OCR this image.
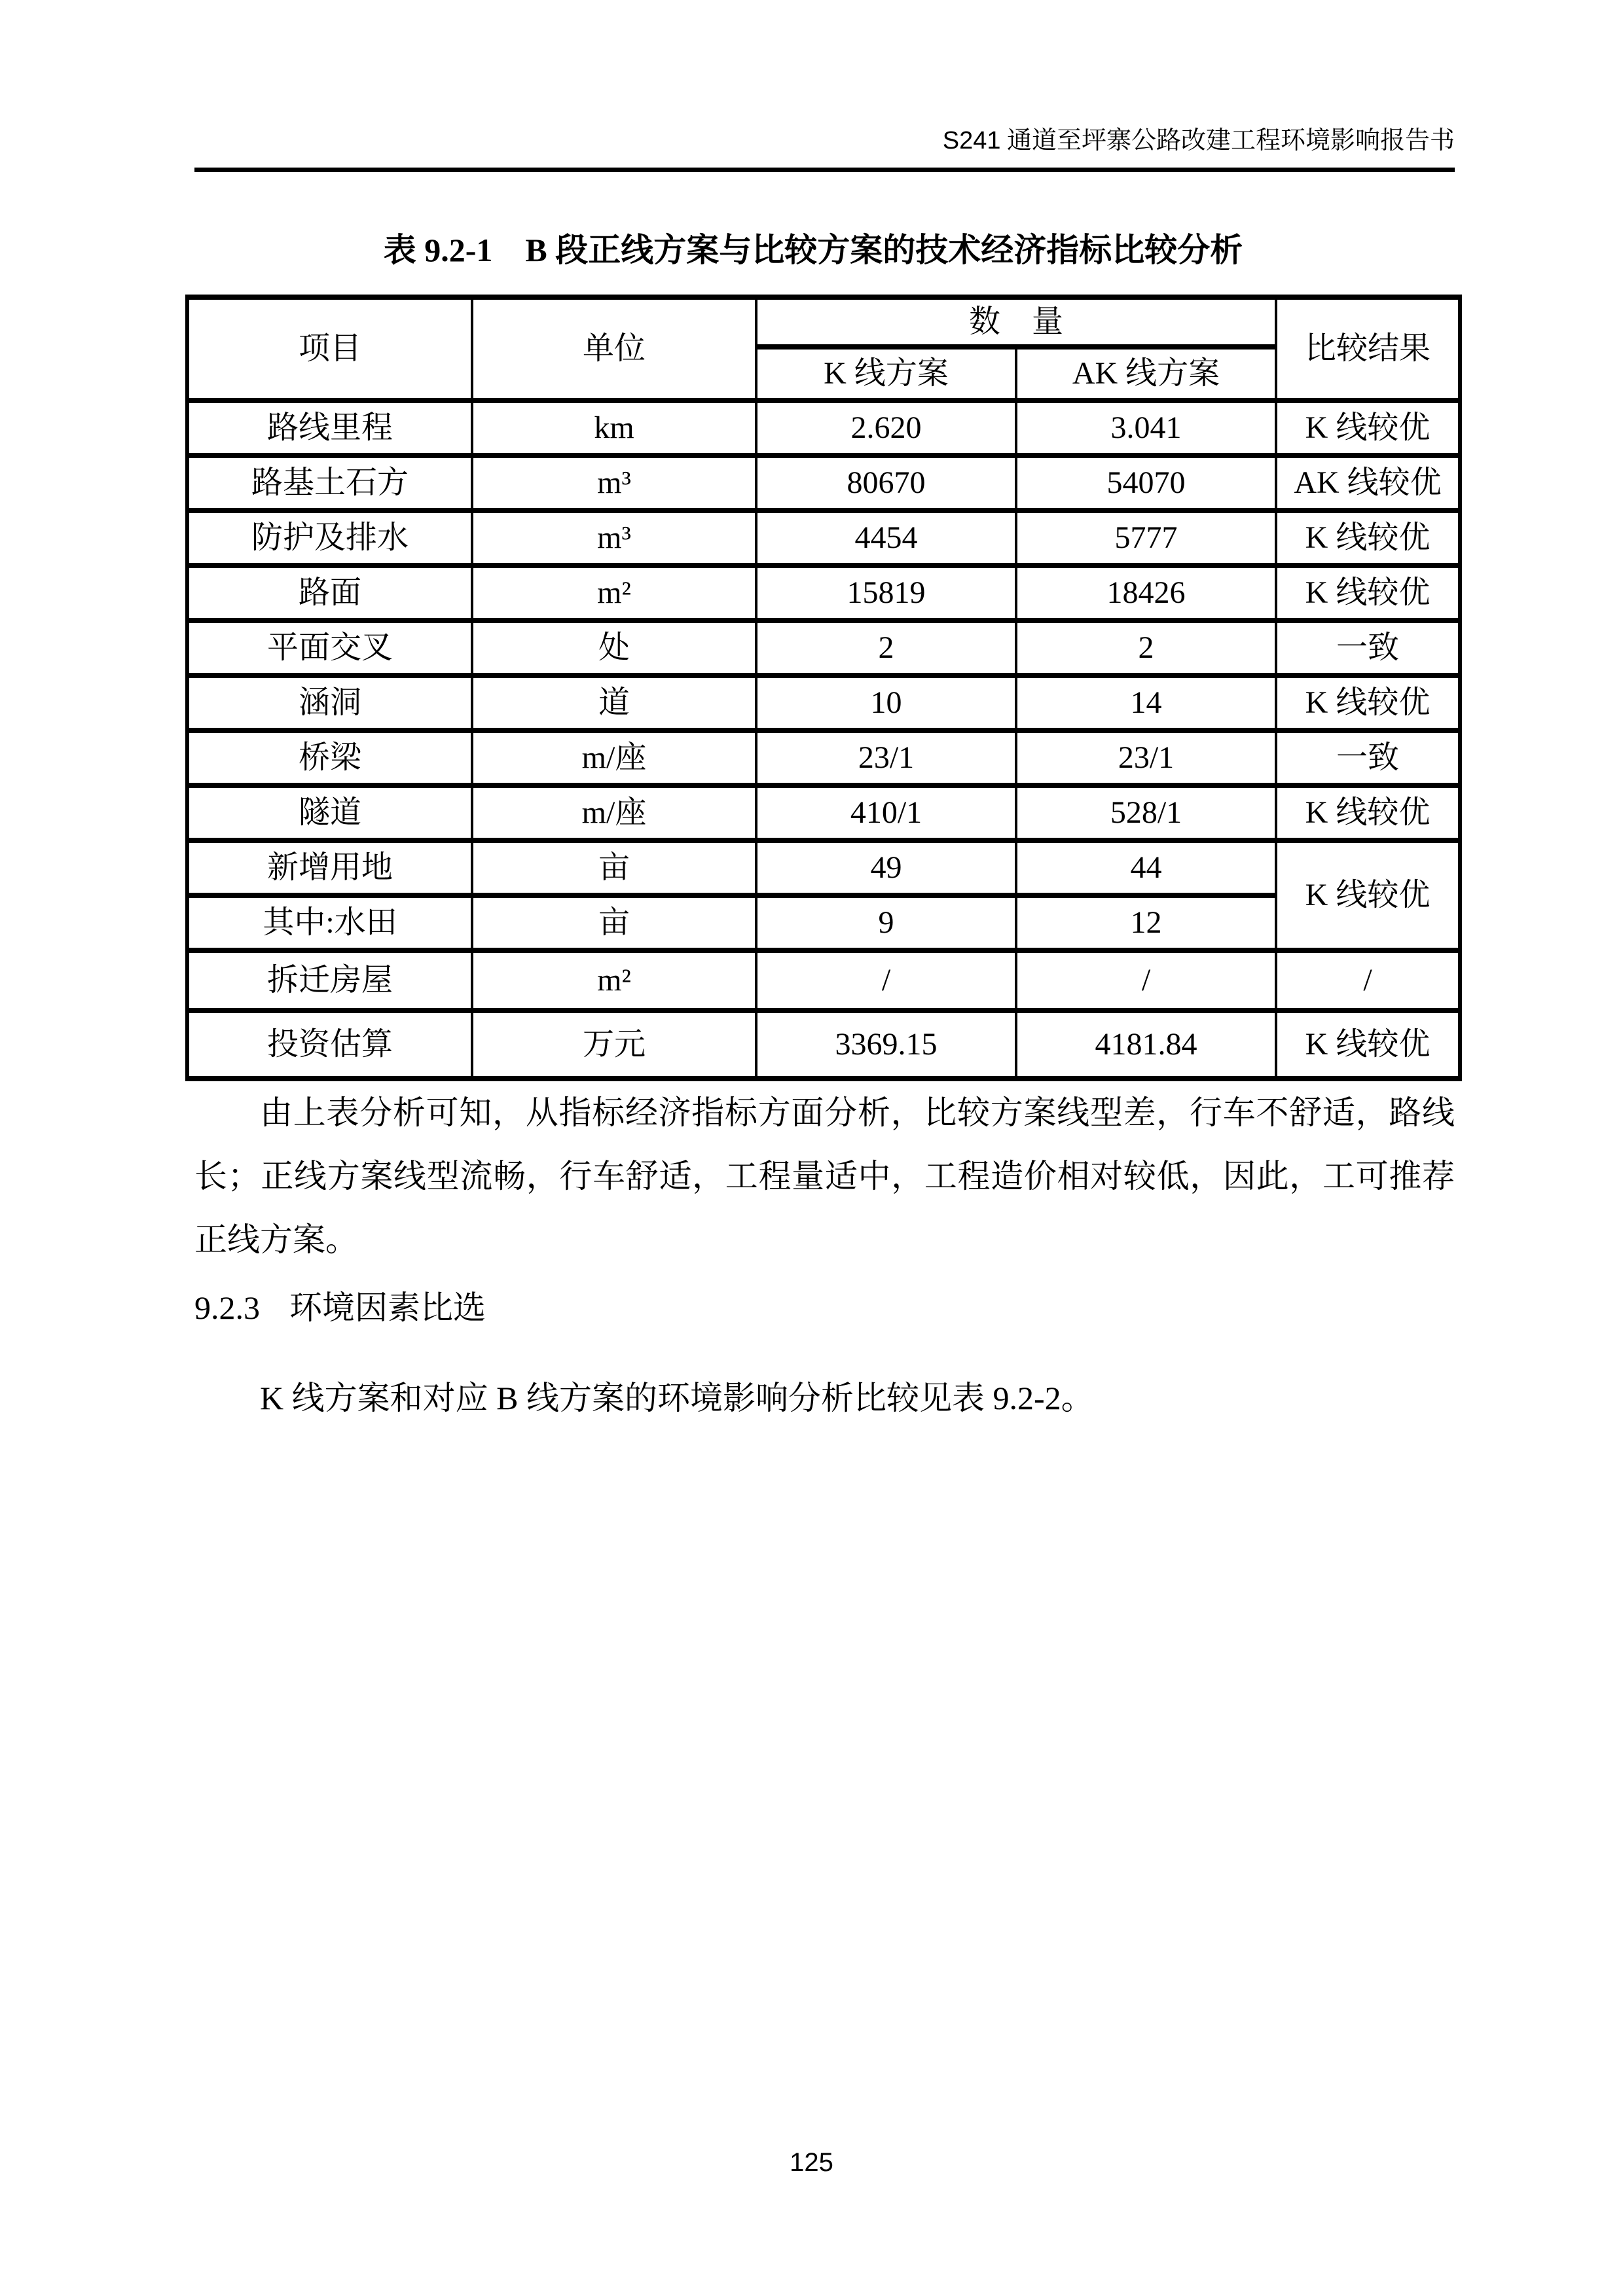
S241 通道至坪寨公路改建工程环境影响报告书
表 9.2-1　B 段正线方案与比较方案的技术经济指标比较分析
项目	单位	数　量		比较结果
		K 线方案	AK 线方案	
路线里程	km	2.620	3.041	K 线较优
路基土石方	m³	80670	54070	AK 线较优
防护及排水	m³	4454	5777	K 线较优
路面	m²	15819	18426	K 线较优
平面交叉	处	2	2	一致
涵洞	道	10	14	K 线较优
桥梁	m/座	23/1	23/1	一致
隧道	m/座	410/1	528/1	K 线较优
新增用地	亩	49	44	K 线较优
其中:水田	亩	9	12	
拆迁房屋	m²	/	/	/
投资估算	万元	3369.15	4181.84	K 线较优

由上表分析可知，从指标经济指标方面分析，比较方案线型差，行车不舒适，路线长；正线方案线型流畅，行车舒适，工程量适中，工程造价相对较低，因此，工可推荐正线方案。

9.2.3 环境因素比选

K 线方案和对应 B 线方案的环境影响分析比较见表 9.2-2。

125
